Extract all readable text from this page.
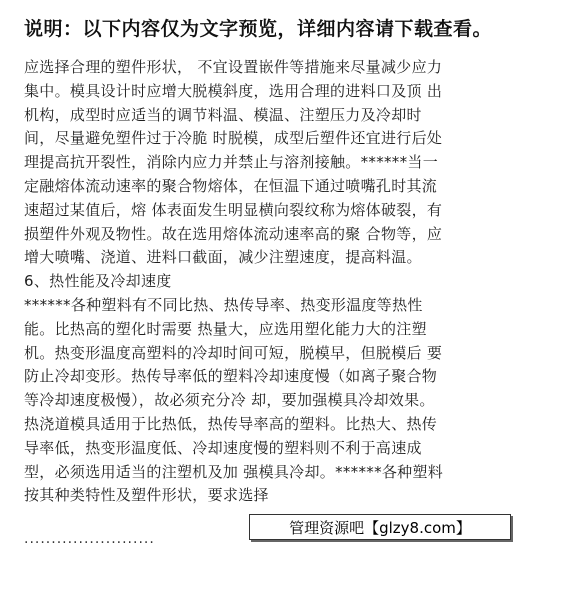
说明：以下内容仅为文字预览，详细内容请下载查看。
应选择合理的塑件形状， 不宜设置嵌件等措施来尽量减少应力
集中。模具设计时应增大脱模斜度，选用合理的进料口及顶 出
机构，成型时应适当的调节料温、模温、注塑压力及冷却时
间，尽量避免塑件过于冷脆 时脱模，成型后塑件还宜进行后处
理提高抗开裂性，消除内应力并禁止与溶剂接触。******当一
定融熔体流动速率的聚合物熔体，在恒温下通过喷嘴孔时其流
速超过某值后，熔 体表面发生明显横向裂纹称为熔体破裂，有
损塑件外观及物性。故在选用熔体流动速率高的聚 合物等，应
增大喷嘴、浇道、进料口截面，减少注塑速度，提高料温。
6、热性能及冷却速度
******各种塑料有不同比热、热传导率、热变形温度等热性
能。比热高的塑化时需要 热量大，应选用塑化能力大的注塑
机。热变形温度高塑料的冷却时间可短，脱模早，但脱模后 要
防止冷却变形。热传导率低的塑料冷却速度慢（如离子聚合物
等冷却速度极慢），故必须充分冷 却，要加强模具冷却效果。
热浇道模具适用于比热低，热传导率高的塑料。比热大、热传
导率低，热变形温度低、冷却速度慢的塑料则不利于高速成
型，必须选用适当的注塑机及加 强模具冷却。******各种塑料
按其种类特性及塑件形状，要求选择
························
管理资源吧【glzy8.com】
